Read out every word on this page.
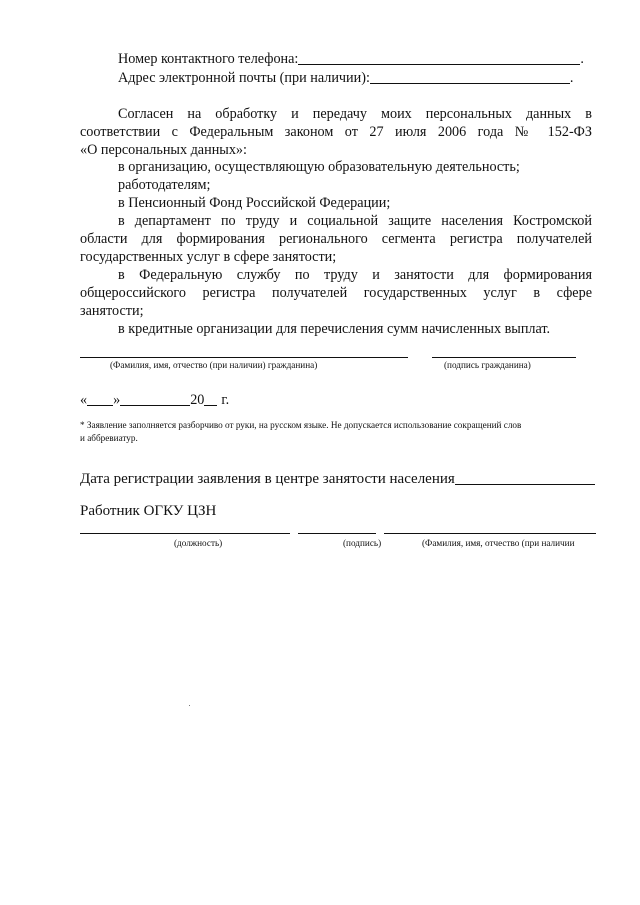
Номер контактного телефона:	.
Адрес электронной почты (при наличии):	.
Согласен на обработку и передачу моих персональных данных в
соответствии с Федеральным законом от 27 июля 2006 года № 152-ФЗ
«О персональных данных»:
в организацию, осуществляющую образовательную деятельность;
работодателям;
в Пенсионный Фонд Российской Федерации;
в департамент по труду и социальной защите населения Костромской
области для формирования регионального сегмента регистра получателей
государственных услуг в сфере занятости;
в Федеральную службу по труду и занятости для формирования
общероссийского регистра получателей государственных услуг в сфере
занятости;
в кредитные организации для перечисления сумм начисленных выплат.
(Фамилия, имя, отчество (при наличии) гражданина)	(подпись гражданина)
« »	20 г.
* Заявление заполняется разборчиво от руки, на русском языке. Не допускается использование сокращений слов
и аббревиатур.
Дата регистрации заявления в центре занятости населения
Работник ОГКУ ЦЗН
(должность)	(подпись)	(Фамилия, имя, отчество (при наличии
